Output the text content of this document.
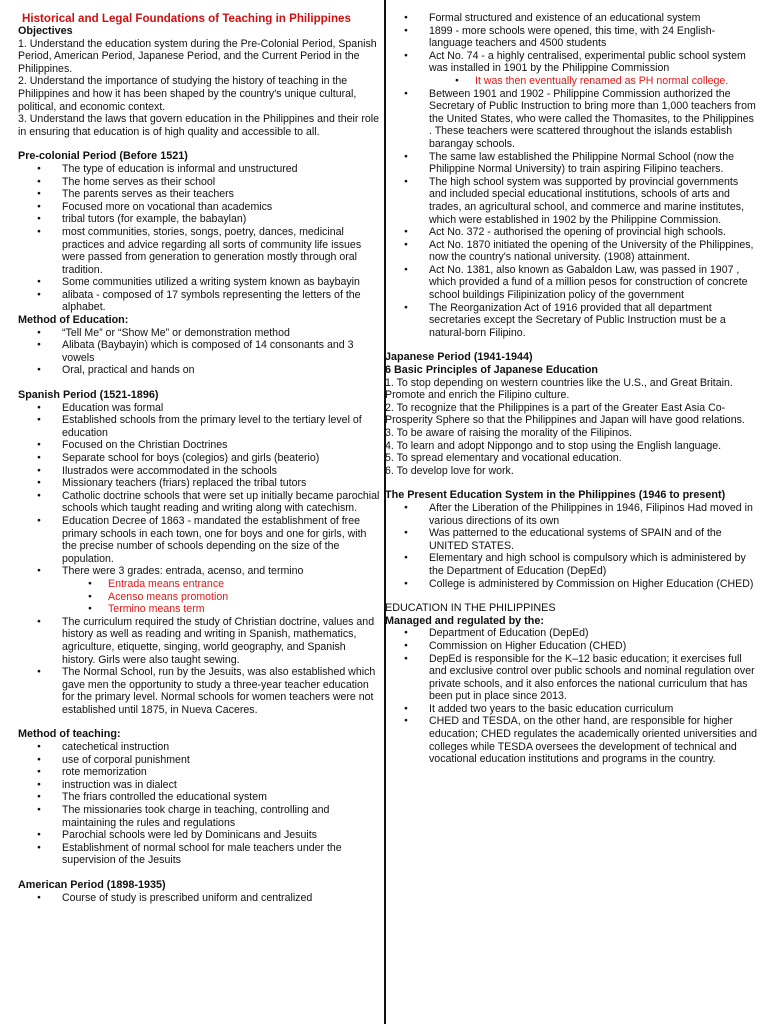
Historical and Legal Foundations of Teaching in Philippines
Objectives

1. Understand the education system during the Pre-Colonial Period, Spanish Period, American Period, Japanese Period, and the Current Period in the Philippines.

2. Understand the importance of studying the history of teaching in the Philippines and how it has been shaped by the country's unique cultural, political, and economic context.

3. Understand the laws that govern education in the Philippines and their role in ensuring that education is of high quality and accessible to all.

Pre-colonial Period (Before 1521)
● The type of education is informal and unstructured
● The home serves as their school
● The parents serves as their teachers
● Focused more on vocational than academics
● tribal tutors (for example, the babaylan)
● most communities, stories, songs, poetry, dances, medicinal practices and advice regarding all sorts of community life issues were passed from generation to generation mostly through oral tradition.
● Some communities utilized a writing system known as baybayin
● alibata - composed of 17 symbols representing the letters of the alphabet.
Method of Education:
● “Tell Me” or “Show Me” or demonstration method
● Alibata (Baybayin) which is composed of 14 consonants and 3 vowels
● Oral, practical and hands on
Spanish Period (1521-1896)
● Education was formal
● Established schools from the primary level to the tertiary level of education
● Focused on the Christian Doctrines
● Separate school for boys (colegios) and girls (beaterio)
● Ilustrados were accommodated in the schools
● Missionary teachers (friars) replaced the tribal tutors
● Catholic doctrine schools that were set up initially became parochial schools which taught reading and writing along with catechism.
● Education Decree of 1863 - mandated the establishment of free primary schools in each town, one for boys and one for girls, with the precise number of schools depending on the size of the population.
● There were 3 grades: entrada, acenso, and termino
● Entrada means entrance
● Acenso means promotion
● Termino means term
● The curriculum required the study of Christian doctrine, values and history as well as reading and writing in Spanish, mathematics, agriculture, etiquette, singing, world geography, and Spanish history. Girls were also taught sewing.
● The Normal School, run by the Jesuits, was also established which gave men the opportunity to study a three-year teacher education for the primary level. Normal schools for women teachers were not established until 1875, in Nueva Caceres.
Method of teaching:
● catechetical instruction
● use of corporal punishment
● rote memorization
● instruction was in dialect
● The friars controlled the educational system
● The missionaries took charge in teaching, controlling and maintaining the rules and regulations
● Parochial schools were led by Dominicans and Jesuits
● Establishment of normal school for male teachers under the supervision of the Jesuits
American Period (1898-1935)
● Course of study is prescribed uniform and centralized
● Formal structured and existence of an educational system
● 1899 - more schools were opened, this time, with 24 English-language teachers and 4500 students
● Act No. 74 - a highly centralised, experimental public school system was installed in 1901 by the Philippine Commission
● It was then eventually renamed as PH normal college.
● Between 1901 and 1902 - Philippine Commission authorized the Secretary of Public Instruction to bring more than 1,000 teachers from the United States, who were called the Thomasites, to the Philippines . These teachers were scattered throughout the islands establish barangay schools.
● The same law established the Philippine Normal School (now the Philippine Normal University) to train aspiring Filipino teachers.
● The high school system was supported by provincial governments and included special educational institutions, schools of arts and trades, an agricultural school, and commerce and marine institutes, which were established in 1902 by the Philippine Commission.
● Act No. 372 - authorised the opening of provincial high schools.
● Act No. 1870 initiated the opening of the University of the Philippines, now the country's national university. (1908) attainment.
● Act No. 1381, also known as Gabaldon Law, was passed in 1907 , which provided a fund of a million pesos for construction of concrete school buildings Filipinization policy of the government
● The Reorganization Act of 1916 provided that all department secretaries except the Secretary of Public Instruction must be a natural-born Filipino.
Japanese Period (1941-1944)
6 Basic Principles of Japanese Education

1. To stop depending on western countries like the U.S., and Great Britain. Promote and enrich the Filipino culture.

2. To recognize that the Philippines is a part of the Greater East Asia Co-Prosperity Sphere so that the Philippines and Japan will have good relations.

3. To be aware of raising the morality of the Filipinos.

4. To learn and adopt Nippongo and to stop using the English language.

5. To spread elementary and vocational education.

6. To develop love for work.

The Present Education System in the Philippines (1946 to present)
● After the Liberation of the Philippines in 1946, Filipinos Had moved in various directions of its own
● Was patterned to the educational systems of SPAIN and of the UNITED STATES.
● Elementary and high school is compulsory which is administered by the Department of Education (DepEd)
● College is administered by Commission on Higher Education (CHED)
EDUCATION IN THE PHILIPPINES
Managed and regulated by the:
● Department of Education (DepEd)
● Commission on Higher Education (CHED)
● DepEd is responsible for the K–12 basic education; it exercises full and exclusive control over public schools and nominal regulation over private schools, and it also enforces the national curriculum that has been put in place since 2013.
● It added two years to the basic education curriculum
● CHED and TESDA, on the other hand, are responsible for higher education; CHED regulates the academically oriented universities and colleges while TESDA oversees the development of technical and vocational education institutions and programs in the country.
